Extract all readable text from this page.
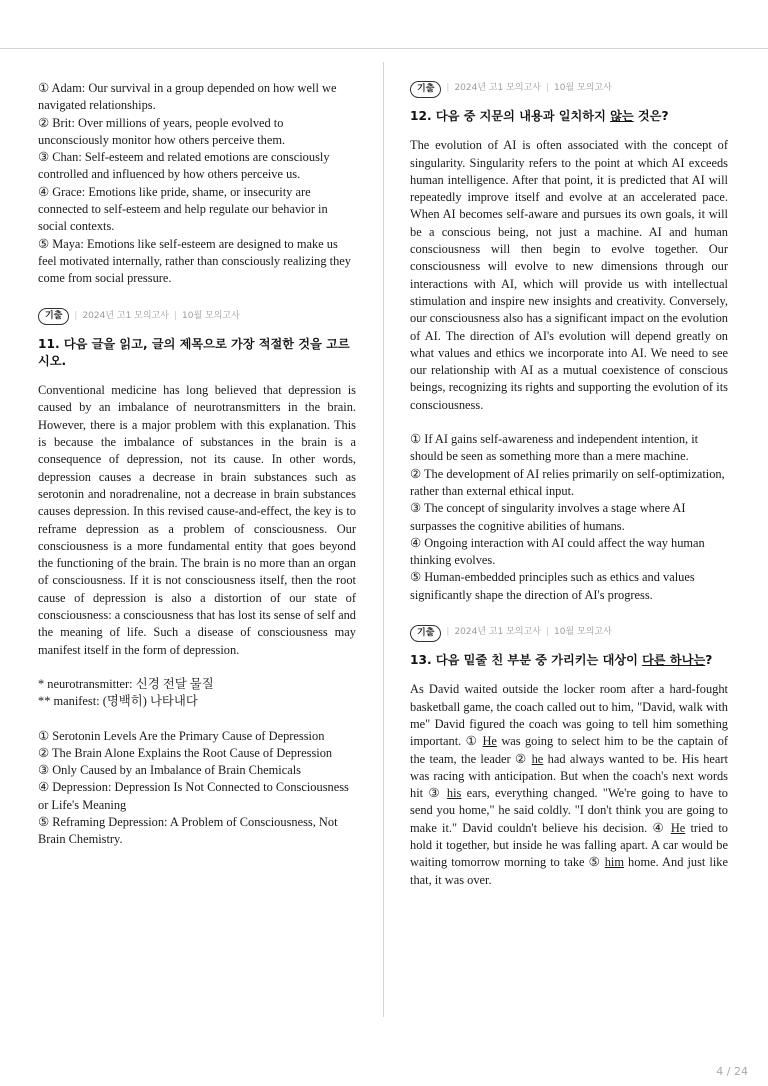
① Adam: Our survival in a group depended on how well we navigated relationships.

② Brit: Over millions of years, people evolved to unconsciously monitor how others perceive them.

③ Chan: Self-esteem and related emotions are consciously controlled and influenced by how others perceive us.

④ Grace: Emotions like pride, shame, or insecurity are connected to self-esteem and help regulate our behavior in social contexts.

⑤ Maya: Emotions like self-esteem are designed to make us feel motivated internally, rather than consciously realizing they come from social pressure.

기출	| 2024년 고1 모의고사 | 10월 모의고사
11. 다음 글을 읽고, 글의 제목으로 가장 적절한 것을 고르시오.

Conventional medicine has long believed that depression is caused by an imbalance of neurotransmitters in the brain. However, there is a major problem with this explanation. This is because the imbalance of substances in the brain is a consequence of depression, not its cause. In other words, depression causes a decrease in brain substances such as serotonin and noradrenaline, not a decrease in brain substances causes depression. In this revised cause-and-effect, the key is to reframe depression as a problem of consciousness. Our consciousness is a more fundamental entity that goes beyond the functioning of the brain. The brain is no more than an organ of consciousness. If it is not consciousness itself, then the root cause of depression is also a distortion of our state of consciousness: a consciousness that has lost its sense of self and the meaning of life. Such a disease of consciousness may manifest itself in the form of depression.

* neurotransmitter: 신경 전달 물질

** manifest: (명백히) 나타내다

① Serotonin Levels Are the Primary Cause of Depression

② The Brain Alone Explains the Root Cause of Depression

③ Only Caused by an Imbalance of Brain Chemicals

④ Depression: Depression Is Not Connected to Consciousness or Life's Meaning

⑤ Reframing Depression: A Problem of Consciousness, Not Brain Chemistry.

기출	| 2024년 고1 모의고사 | 10월 모의고사
12. 다음 중 지문의 내용과 일치하지 않는 것은?

The evolution of AI is often associated with the concept of singularity. Singularity refers to the point at which AI exceeds human intelligence. After that point, it is predicted that AI will repeatedly improve itself and evolve at an accelerated pace. When AI becomes self-aware and pursues its own goals, it will be a conscious being, not just a machine. AI and human consciousness will then begin to evolve together. Our consciousness will evolve to new dimensions through our interactions with AI, which will provide us with intellectual stimulation and inspire new insights and creativity. Conversely, our consciousness also has a significant impact on the evolution of AI. The direction of AI's evolution will depend greatly on what values and ethics we incorporate into AI. We need to see our relationship with AI as a mutual coexistence of conscious beings, recognizing its rights and supporting the evolution of its consciousness.

① If AI gains self-awareness and independent intention, it should be seen as something more than a mere machine.

② The development of AI relies primarily on self-optimization, rather than external ethical input.

③ The concept of singularity involves a stage where AI surpasses the cognitive abilities of humans.

④ Ongoing interaction with AI could affect the way human thinking evolves.

⑤ Human-embedded principles such as ethics and values significantly shape the direction of AI's progress.

기출	| 2024년 고1 모의고사 | 10월 모의고사
13. 다음 밑줄 친 부분 중 가리키는 대상이 다른 하나는?

As David waited outside the locker room after a hard-fought basketball game, the coach called out to him, "David, walk with me" David figured the coach was going to tell him something important. ① He was going to select him to be the captain of the team, the leader ② he had always wanted to be. His heart was racing with anticipation. But when the coach's next words hit ③ his ears, everything changed. "We're going to have to send you home," he said coldly. "I don't think you are going to make it." David couldn't believe his decision. ④ He tried to hold it together, but inside he was falling apart. A car would be waiting tomorrow morning to take ⑤ him home. And just like that, it was over.

4 / 24
